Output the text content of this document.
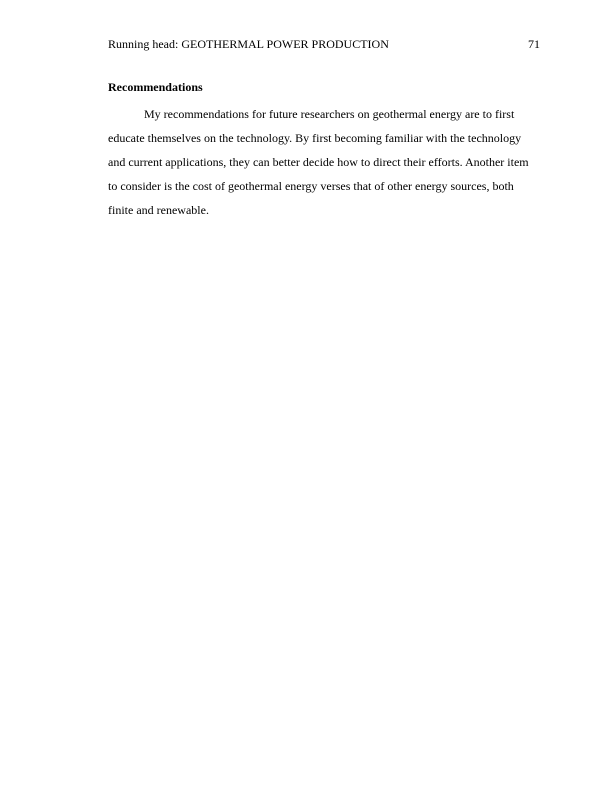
Running head: GEOTHERMAL POWER PRODUCTION	71
Recommendations
My recommendations for future researchers on geothermal energy are to first
educate themselves on the technology. By first becoming familiar with the technology
and current applications, they can better decide how to direct their efforts. Another item
to consider is the cost of geothermal energy verses that of other energy sources, both
finite and renewable.
